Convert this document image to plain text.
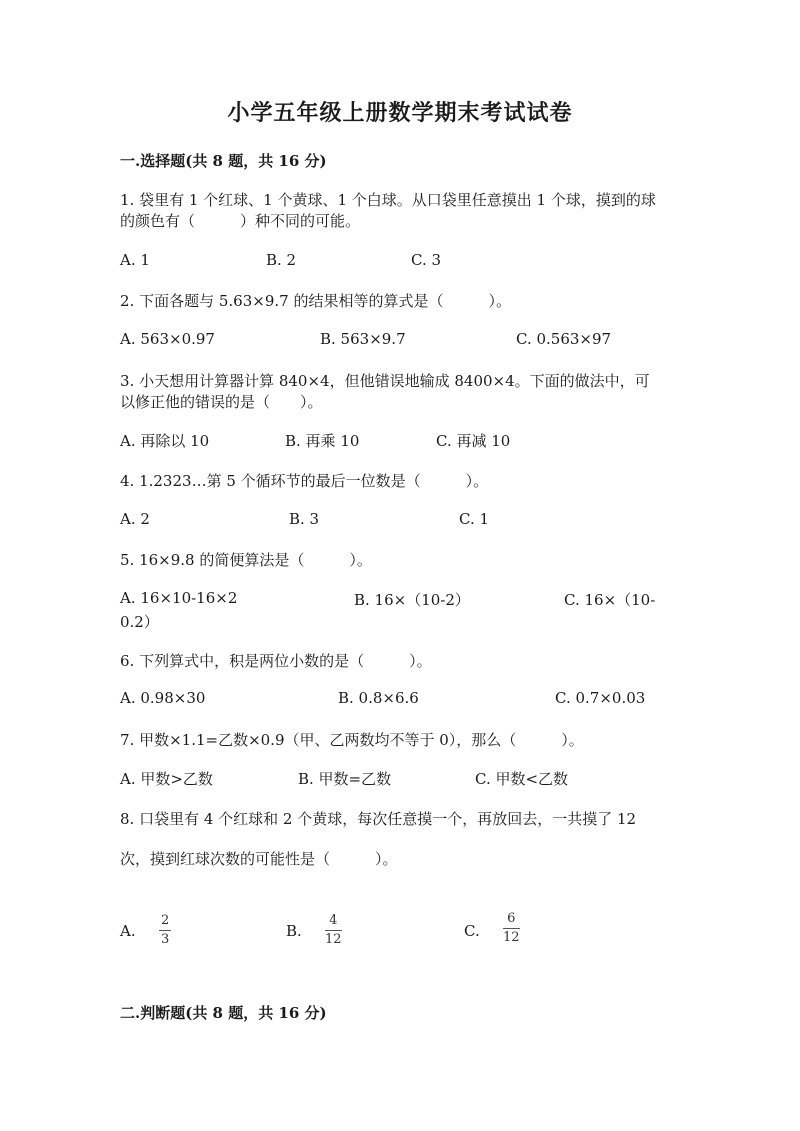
小学五年级上册数学期末考试试卷
一.选择题(共 8 题，共 16 分)
1. 袋里有 1 个红球、1 个黄球、1 个白球。从口袋里任意摸出 1 个球，摸到的球
的颜色有（　　　）种不同的可能。
A. 1	B. 2	C. 3
2. 下面各题与 5.63×9.7 的结果相等的算式是（　　　）。
A. 563×0.97	B. 563×9.7	C. 0.563×97
3. 小天想用计算器计算 840×4，但他错误地输成 8400×4。下面的做法中，可
以修正他的错误的是（　　）。
A. 再除以 10	B. 再乘 10	C. 再减 10
4. 1.2323…第 5 个循环节的最后一位数是（　　　）。
A. 2	B. 3	C. 1
5. 16×9.8 的简便算法是（　　　）。
A. 16×10-16×2	B. 16×（10-2）	C. 16×（10-
0.2）
6. 下列算式中，积是两位小数的是（　　　）。
A. 0.98×30	B. 0.8×6.6	C. 0.7×0.03
7. 甲数×1.1=乙数×0.9（甲、乙两数均不等于 0），那么（　　　）。
A. 甲数>乙数	B. 甲数=乙数	C. 甲数<乙数
8. 口袋里有 4 个红球和 2 个黄球，每次任意摸一个，再放回去，一共摸了 12
次，摸到红球次数的可能性是（　　　）。
A.
2
3	B.
4
12	C.
6
12
二.判断题(共 8 题，共 16 分)
